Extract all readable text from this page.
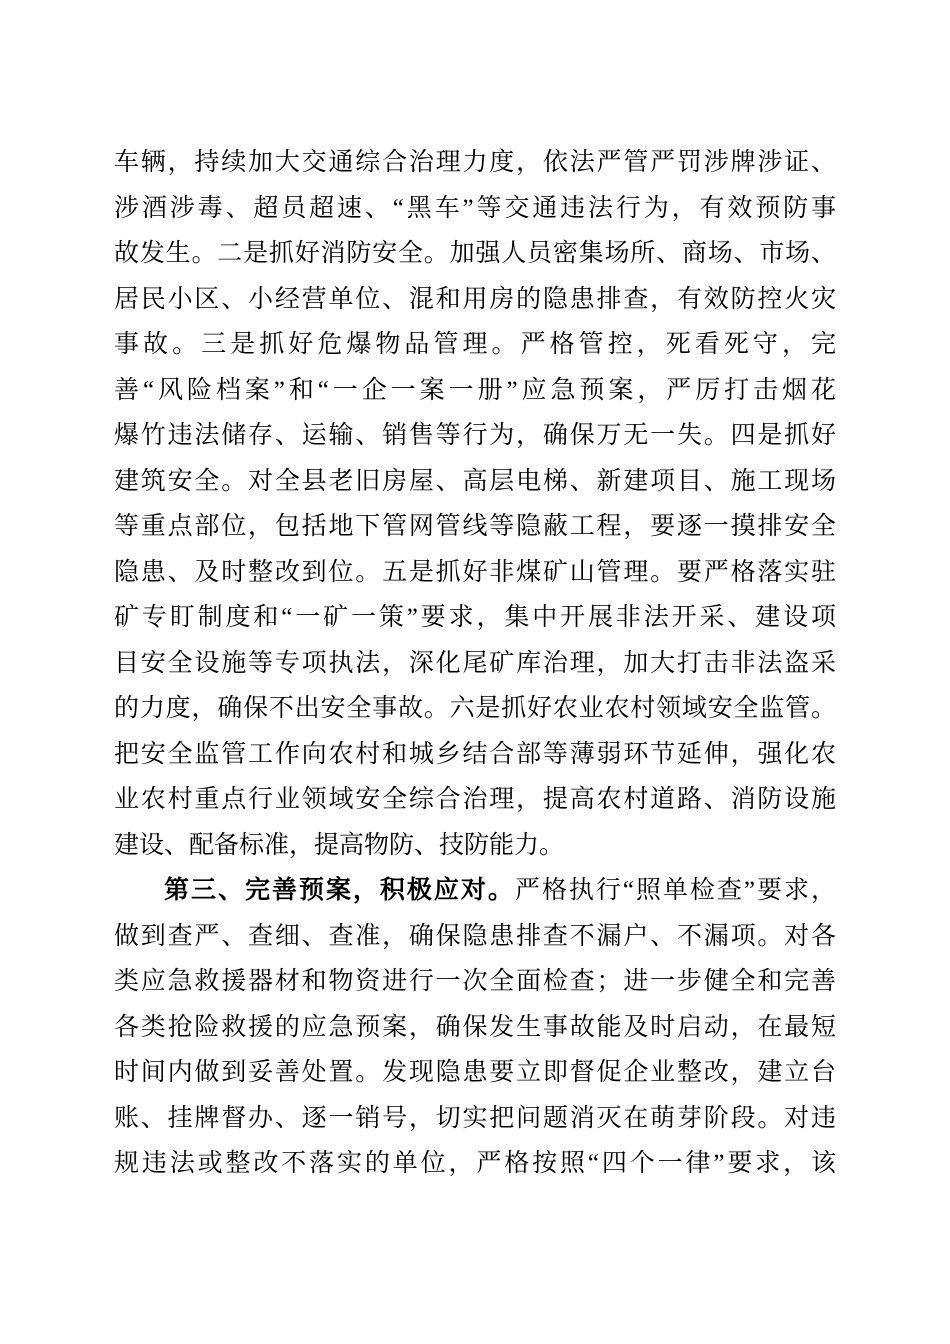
车辆，持续加大交通综合治理力度，依法严管严罚涉牌涉证、
涉酒涉毒、超员超速、“黑车”等交通违法行为，有效预防事
故发生。二是抓好消防安全。加强人员密集场所、商场、市场、
居民小区、小经营单位、混和用房的隐患排查，有效防控火灾
事故。三是抓好危爆物品管理。严格管控，死看死守，完
善“风险档案”和“一企一案一册”应急预案，严厉打击烟花
爆竹违法储存、运输、销售等行为，确保万无一失。四是抓好
建筑安全。对全县老旧房屋、高层电梯、新建项目、施工现场
等重点部位，包括地下管网管线等隐蔽工程，要逐一摸排安全
隐患、及时整改到位。五是抓好非煤矿山管理。要严格落实驻
矿专盯制度和“一矿一策”要求，集中开展非法开采、建设项
目安全设施等专项执法，深化尾矿库治理，加大打击非法盗采
的力度，确保不出安全事故。六是抓好农业农村领域安全监管。
把安全监管工作向农村和城乡结合部等薄弱环节延伸，强化农
业农村重点行业领域安全综合治理，提高农村道路、消防设施
建设、配备标准，提高物防、技防能力。
第三、完善预案，积极应对。严格执行“照单检查”要求，
做到查严、查细、查准，确保隐患排查不漏户、不漏项。对各
类应急救援器材和物资进行一次全面检查；进一步健全和完善
各类抢险救援的应急预案，确保发生事故能及时启动，在最短
时间内做到妥善处置。发现隐患要立即督促企业整改，建立台
账、挂牌督办、逐一销号，切实把问题消灭在萌芽阶段。对违
规违法或整改不落实的单位，严格按照“四个一律”要求，该
